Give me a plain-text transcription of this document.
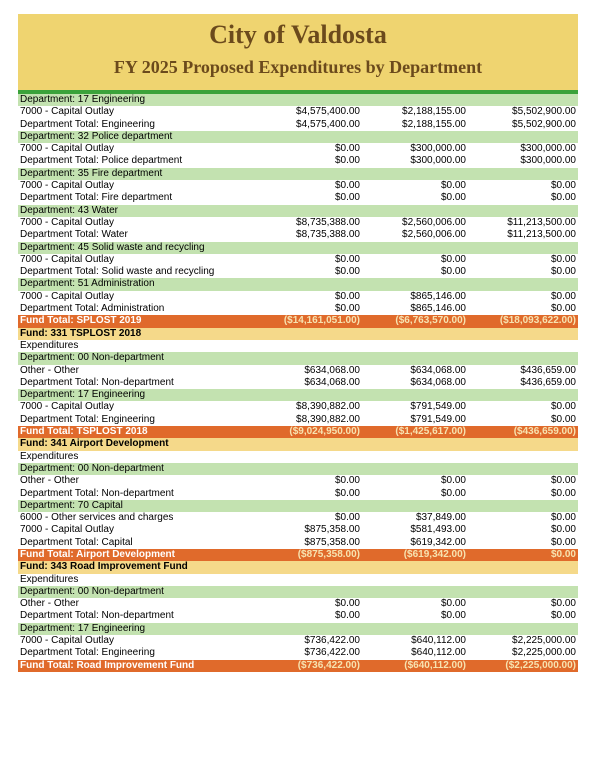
City of Valdosta
FY 2025 Proposed Expenditures by Department
Department: 17 Engineering
7000 - Capital Outlay	$4,575,400.00	$2,188,155.00	$5,502,900.00
Department Total: Engineering	$4,575,400.00	$2,188,155.00	$5,502,900.00
Department: 32 Police department
7000 - Capital Outlay	$0.00	$300,000.00	$300,000.00
Department Total: Police department	$0.00	$300,000.00	$300,000.00
Department: 35 Fire department
7000 - Capital Outlay	$0.00	$0.00	$0.00
Department Total: Fire department	$0.00	$0.00	$0.00
Department: 43 Water
7000 - Capital Outlay	$8,735,388.00	$2,560,006.00	$11,213,500.00
Department Total: Water	$8,735,388.00	$2,560,006.00	$11,213,500.00
Department: 45 Solid waste and recycling
7000 - Capital Outlay	$0.00	$0.00	$0.00
Department Total: Solid waste and recycling	$0.00	$0.00	$0.00
Department: 51 Administration
7000 - Capital Outlay	$0.00	$865,146.00	$0.00
Department Total: Administration	$0.00	$865,146.00	$0.00
Fund Total: SPLOST 2019	($14,161,051.00)	($6,763,570.00)	($18,093,622.00)
Fund: 331 TSPLOST 2018
Expenditures
Department: 00 Non-department
Other - Other	$634,068.00	$634,068.00	$436,659.00
Department Total: Non-department	$634,068.00	$634,068.00	$436,659.00
Department: 17 Engineering
7000 - Capital Outlay	$8,390,882.00	$791,549.00	$0.00
Department Total: Engineering	$8,390,882.00	$791,549.00	$0.00
Fund Total: TSPLOST 2018	($9,024,950.00)	($1,425,617.00)	($436,659.00)
Fund: 341 Airport Development
Expenditures
Department: 00 Non-department
Other - Other	$0.00	$0.00	$0.00
Department Total: Non-department	$0.00	$0.00	$0.00
Department: 70 Capital
6000 - Other services and charges	$0.00	$37,849.00	$0.00
7000 - Capital Outlay	$875,358.00	$581,493.00	$0.00
Department Total: Capital	$875,358.00	$619,342.00	$0.00
Fund Total: Airport Development	($875,358.00)	($619,342.00)	$0.00
Fund: 343 Road Improvement Fund
Expenditures
Department: 00 Non-department
Other - Other	$0.00	$0.00	$0.00
Department Total: Non-department	$0.00	$0.00	$0.00
Department: 17 Engineering
7000 - Capital Outlay	$736,422.00	$640,112.00	$2,225,000.00
Department Total: Engineering	$736,422.00	$640,112.00	$2,225,000.00
Fund Total: Road Improvement Fund	($736,422.00)	($640,112.00)	($2,225,000.00)
